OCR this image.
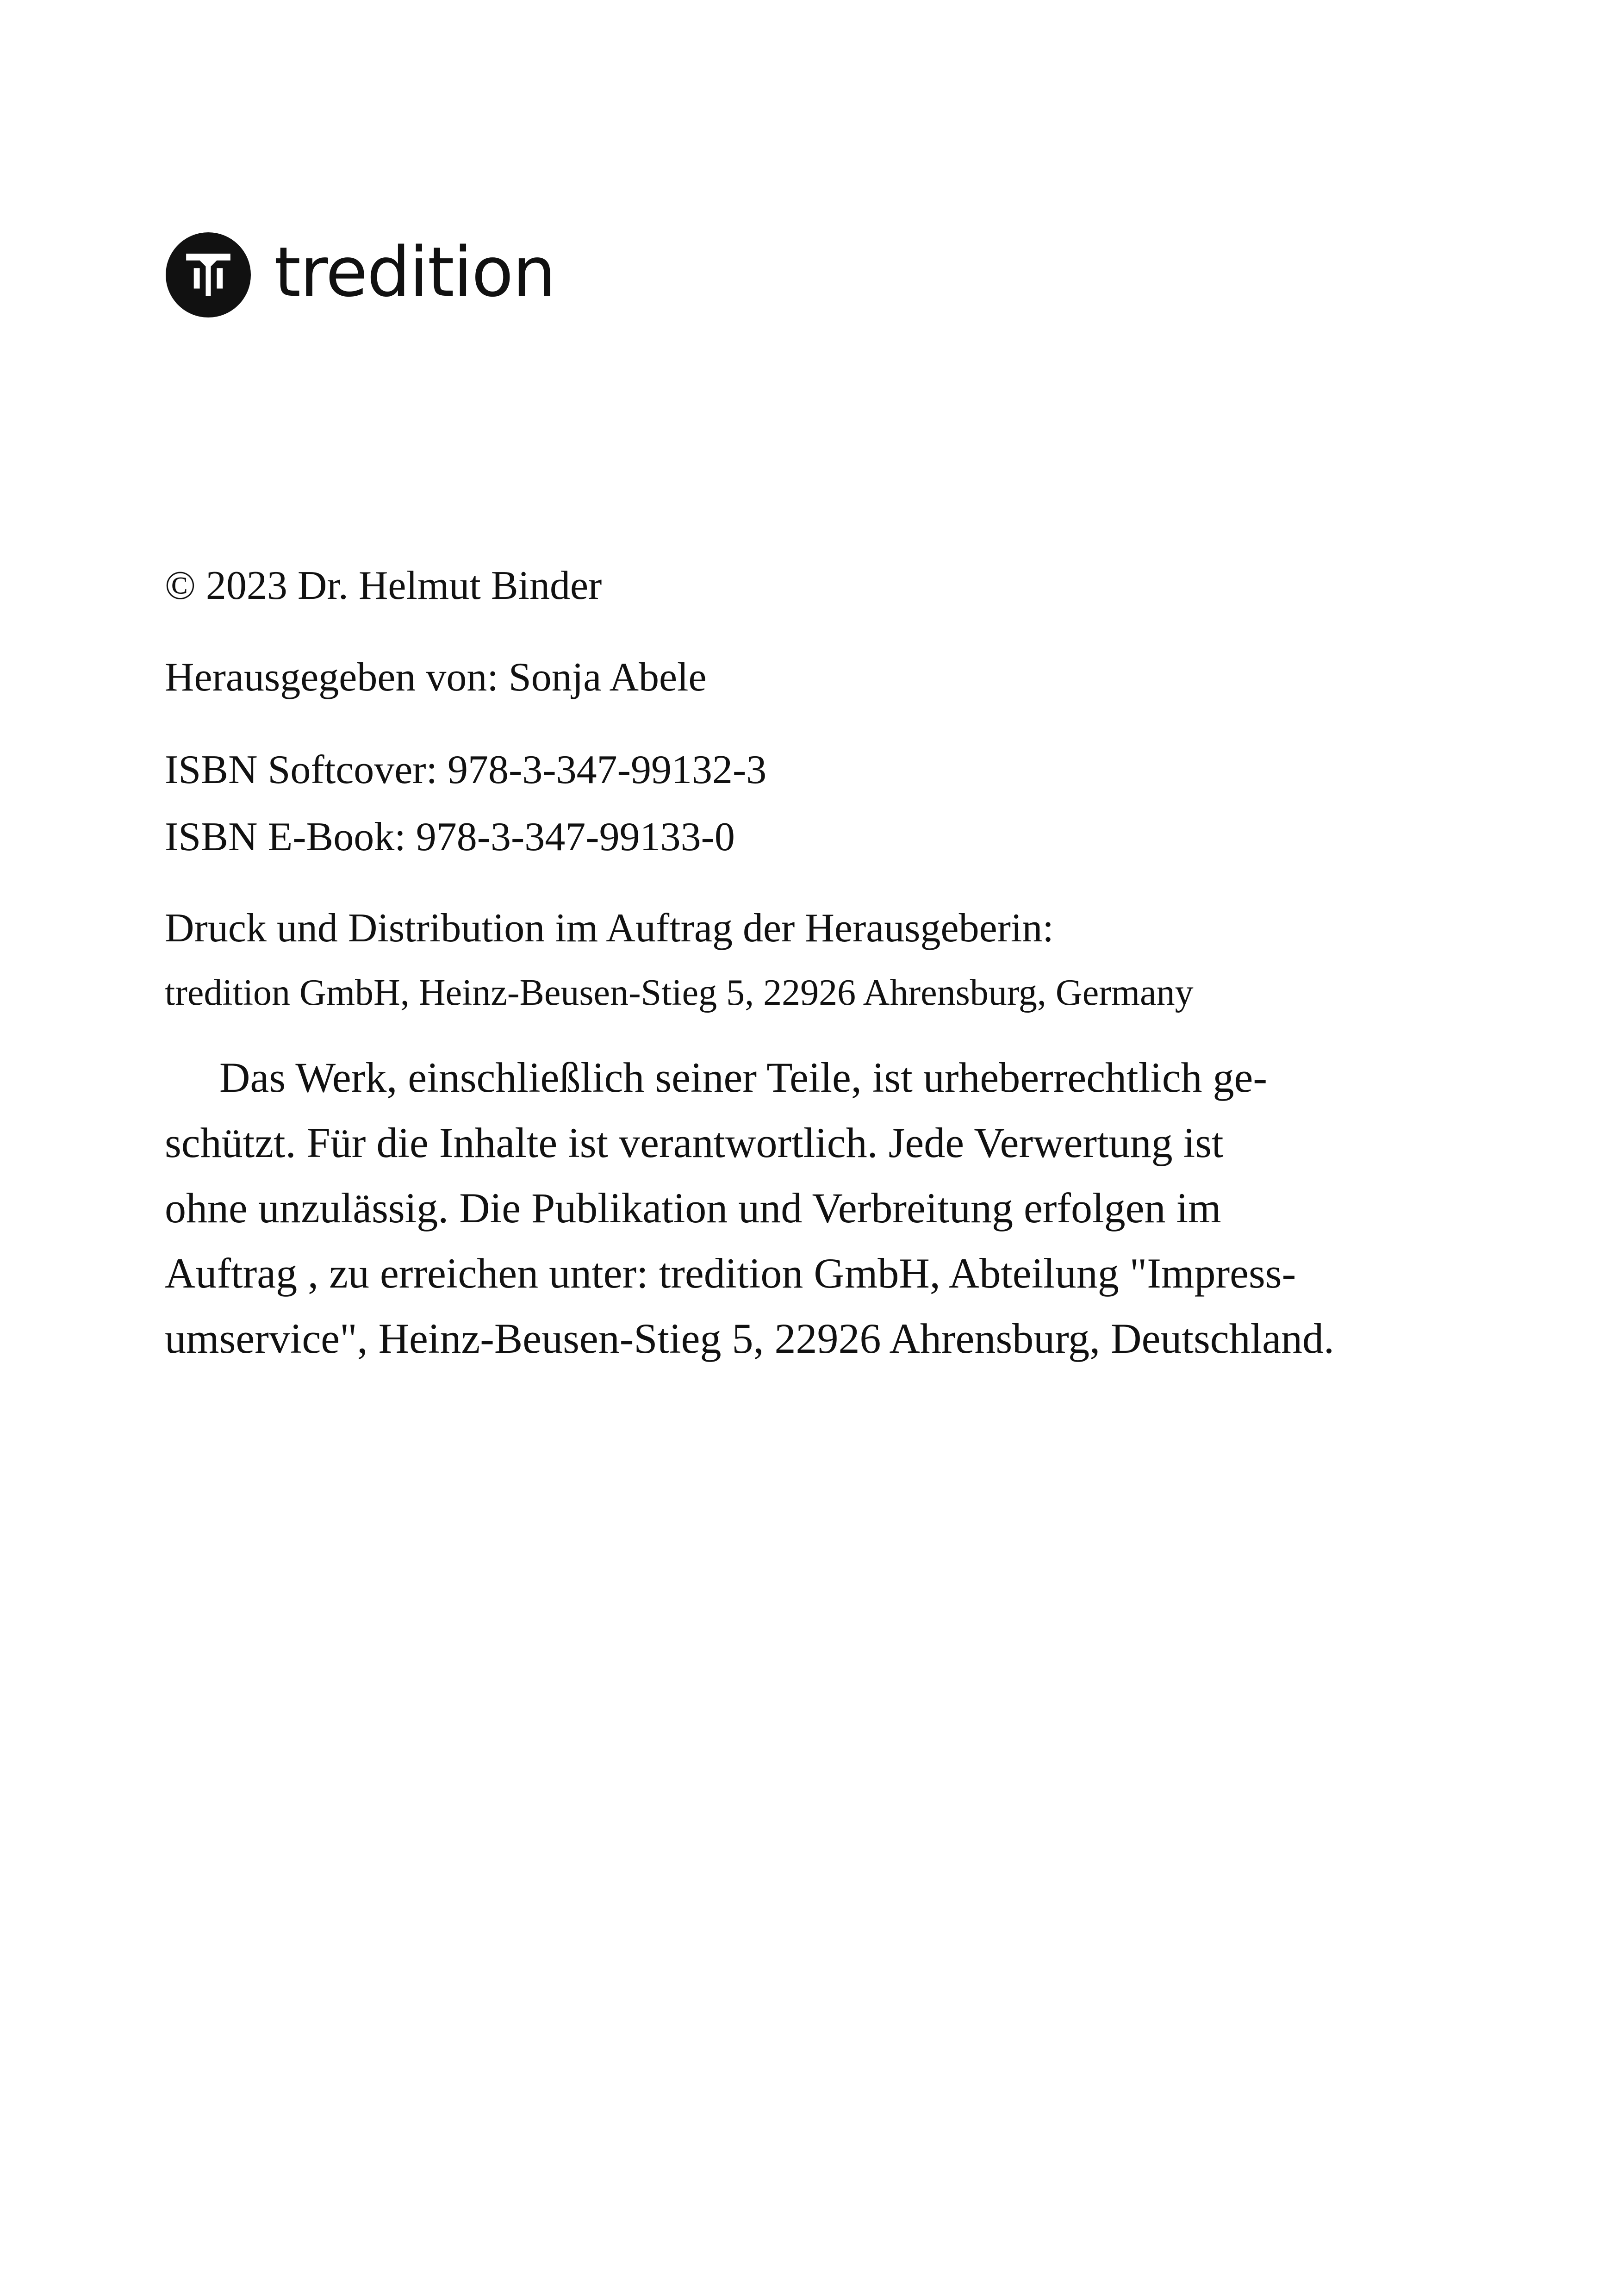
tredition
© 2023 Dr. Helmut Binder
Herausgegeben von: Sonja Abele
ISBN Softcover: 978-3-347-99132-3
ISBN E-Book: 978-3-347-99133-0
Druck und Distribution im Auftrag der Herausgeberin:
tredition GmbH, Heinz-Beusen-Stieg 5, 22926 Ahrensburg, Germany
Das Werk, einschließlich seiner Teile, ist urheberrechtlich ge-
schützt. Für die Inhalte ist verantwortlich. Jede Verwertung ist
ohne unzulässig. Die Publikation und Verbreitung erfolgen im
Auftrag , zu erreichen unter: tredition GmbH, Abteilung "Impress-
umservice", Heinz-Beusen-Stieg 5, 22926 Ahrensburg, Deutschland.
